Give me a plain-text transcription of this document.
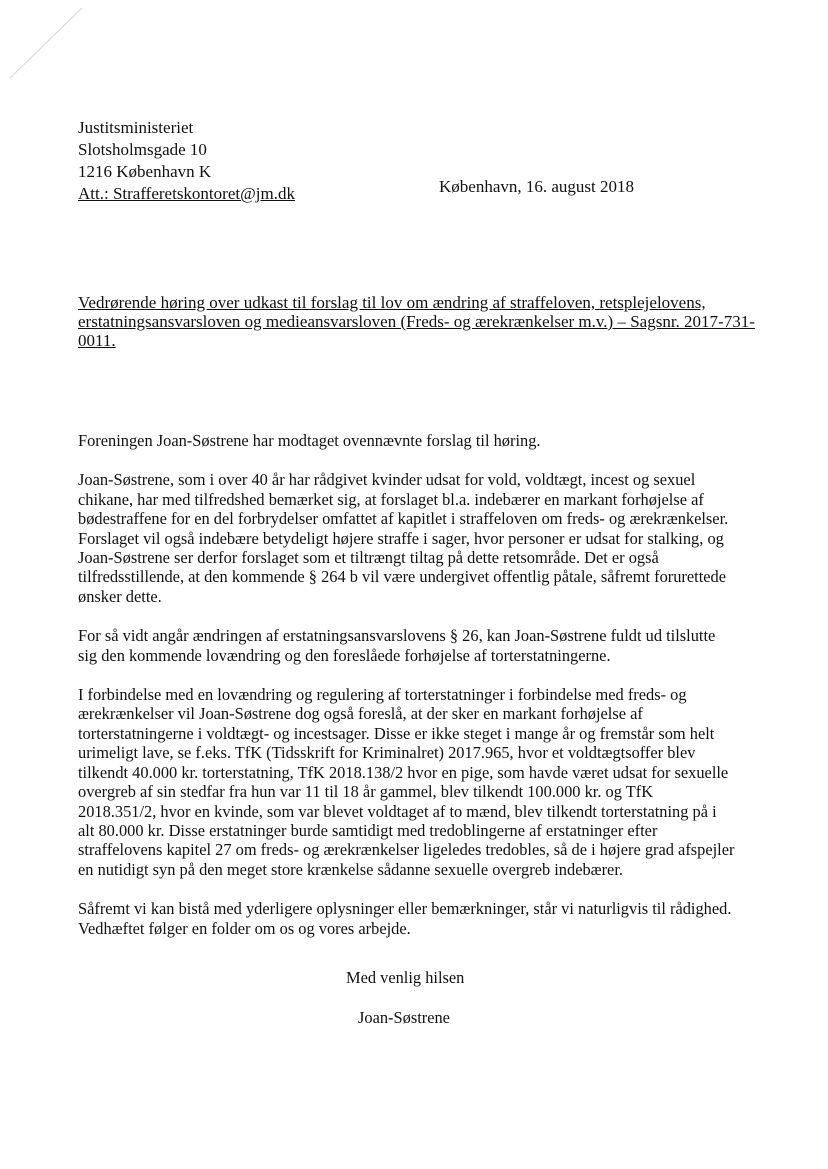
Justitsministeriet
Slotsholmsgade 10
1216 København K
Att.: Strafferetskontoret@jm.dk	København, 16. august 2018
Vedrørende høring over udkast til forslag til lov om ændring af straffeloven, retsplejelovens,
erstatningsansvarsloven og medieansvarsloven (Freds- og ærekrænkelser m.v.) – Sagsnr. 2017-731-
0011.

Foreningen Joan-Søstrene har modtaget ovennævnte forslag til høring.

Joan-Søstrene, som i over 40 år har rådgivet kvinder udsat for vold, voldtægt, incest og sexuel
chikane, har med tilfredshed bemærket sig, at forslaget bl.a. indebærer en markant forhøjelse af
bødestraffene for en del forbrydelser omfattet af kapitlet i straffeloven om freds- og ærekrænkelser.
Forslaget vil også indebære betydeligt højere straffe i sager, hvor personer er udsat for stalking, og
Joan-Søstrene ser derfor forslaget som et tiltrængt tiltag på dette retsområde. Det er også
tilfredsstillende, at den kommende § 264 b vil være undergivet offentlig påtale, såfremt forurettede
ønsker dette.

For så vidt angår ændringen af erstatningsansvarslovens § 26, kan Joan-Søstrene fuldt ud tilslutte
sig den kommende lovændring og den foreslåede forhøjelse af torterstatningerne.

I forbindelse med en lovændring og regulering af torterstatninger i forbindelse med freds- og
ærekrænkelser vil Joan-Søstrene dog også foreslå, at der sker en markant forhøjelse af
torterstatningerne i voldtægt- og incestsager. Disse er ikke steget i mange år og fremstår som helt
urimeligt lave, se f.eks. TfK (Tidsskrift for Kriminalret) 2017.965, hvor et voldtægtsoffer blev
tilkendt 40.000 kr. torterstatning, TfK 2018.138/2 hvor en pige, som havde været udsat for sexuelle
overgreb af sin stedfar fra hun var 11 til 18 år gammel, blev tilkendt 100.000 kr. og TfK
2018.351/2, hvor en kvinde, som var blevet voldtaget af to mænd, blev tilkendt torterstatning på i
alt 80.000 kr. Disse erstatninger burde samtidigt med tredoblingerne af erstatninger efter
straffelovens kapitel 27 om freds- og ærekrænkelser ligeledes tredobles, så de i højere grad afspejler
en nutidigt syn på den meget store krænkelse sådanne sexuelle overgreb indebærer.

Såfremt vi kan bistå med yderligere oplysninger eller bemærkninger, står vi naturligvis til rådighed.
Vedhæftet følger en folder om os og vores arbejde.

Med venlig hilsen
Joan-Søstrene
